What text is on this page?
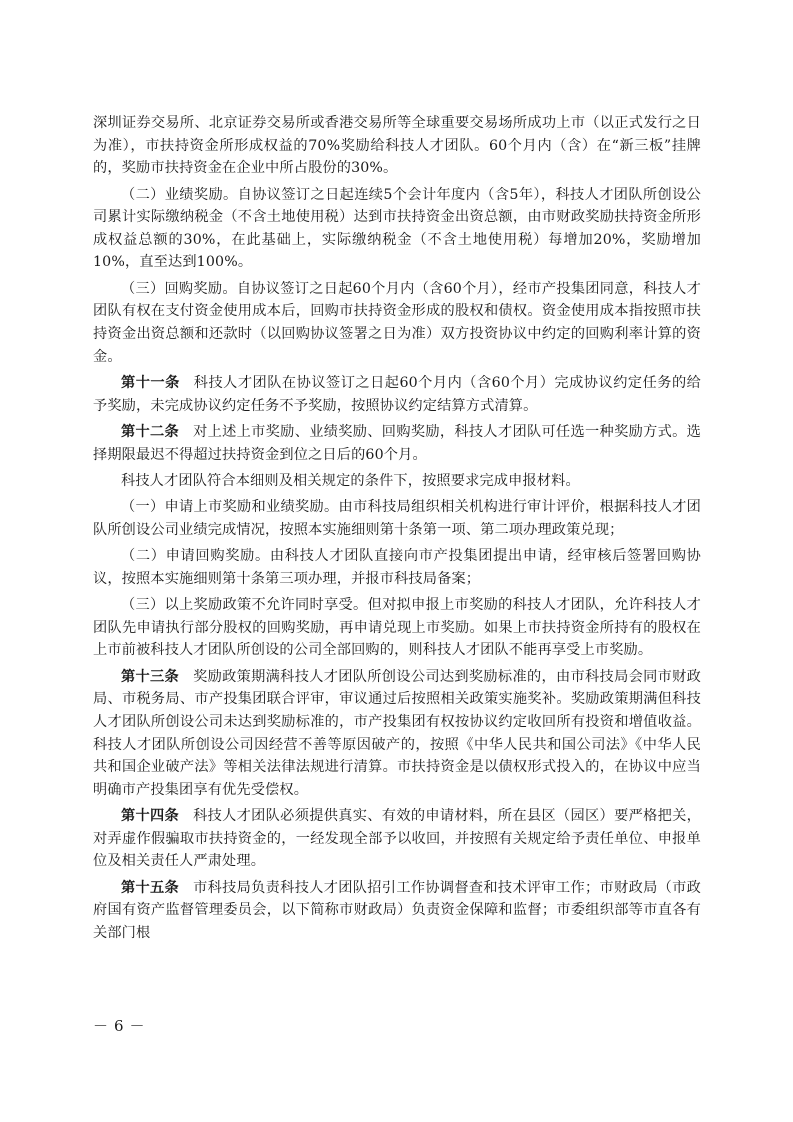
深圳证券交易所、北京证券交易所或香港交易所等全球重要交易场所成功上市（以正式发行之日为准），市扶持资金所形成权益的70%奖励给科技人才团队。60个月内（含）在“新三板”挂牌的，奖励市扶持资金在企业中所占股份的30%。

（二）业绩奖励。自协议签订之日起连续5个会计年度内（含5年），科技人才团队所创设公司累计实际缴纳税金（不含土地使用税）达到市扶持资金出资总额，由市财政奖励扶持资金所形成权益总额的30%，在此基础上，实际缴纳税金（不含土地使用税）每增加20%，奖励增加10%，直至达到100%。

（三）回购奖励。自协议签订之日起60个月内（含60个月），经市产投集团同意，科技人才团队有权在支付资金使用成本后，回购市扶持资金形成的股权和债权。资金使用成本指按照市扶持资金出资总额和还款时（以回购协议签署之日为准）双方投资协议中约定的回购利率计算的资金。

第十一条 科技人才团队在协议签订之日起60个月内（含60个月）完成协议约定任务的给予奖励，未完成协议约定任务不予奖励，按照协议约定结算方式清算。

第十二条 对上述上市奖励、业绩奖励、回购奖励，科技人才团队可任选一种奖励方式。选择期限最迟不得超过扶持资金到位之日后的60个月。

科技人才团队符合本细则及相关规定的条件下，按照要求完成申报材料。

（一）申请上市奖励和业绩奖励。由市科技局组织相关机构进行审计评价，根据科技人才团队所创设公司业绩完成情况，按照本实施细则第十条第一项、第二项办理政策兑现；

（二）申请回购奖励。由科技人才团队直接向市产投集团提出申请，经审核后签署回购协议，按照本实施细则第十条第三项办理，并报市科技局备案；

（三）以上奖励政策不允许同时享受。但对拟申报上市奖励的科技人才团队，允许科技人才团队先申请执行部分股权的回购奖励，再申请兑现上市奖励。如果上市扶持资金所持有的股权在上市前被科技人才团队所创设的公司全部回购的，则科技人才团队不能再享受上市奖励。

第十三条 奖励政策期满科技人才团队所创设公司达到奖励标准的，由市科技局会同市财政局、市税务局、市产投集团联合评审，审议通过后按照相关政策实施奖补。奖励政策期满但科技人才团队所创设公司未达到奖励标准的，市产投集团有权按协议约定收回所有投资和增值收益。科技人才团队所创设公司因经营不善等原因破产的，按照《中华人民共和国公司法》《中华人民共和国企业破产法》等相关法律法规进行清算。市扶持资金是以债权形式投入的，在协议中应当明确市产投集团享有优先受偿权。

第十四条 科技人才团队必须提供真实、有效的申请材料，所在县区（园区）要严格把关，对弄虚作假骗取市扶持资金的，一经发现全部予以收回，并按照有关规定给予责任单位、申报单位及相关责任人严肃处理。

第十五条 市科技局负责科技人才团队招引工作协调督查和技术评审工作；市财政局（市政府国有资产监督管理委员会，以下简称市财政局）负责资金保障和监督；市委组织部等市直各有关部门根

－6－
